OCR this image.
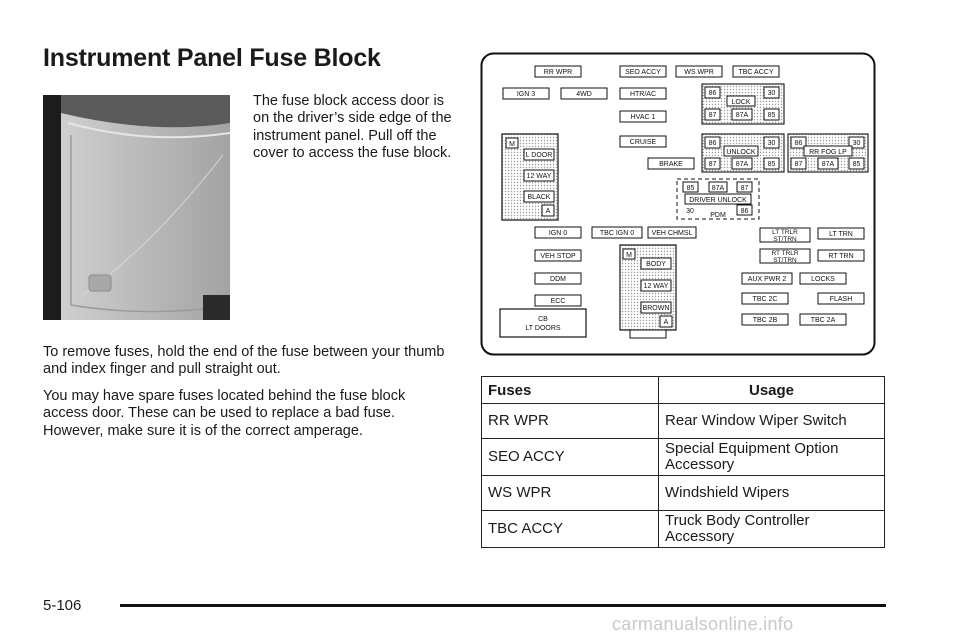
Instrument Panel Fuse Block

The fuse block access door is on the driver’s side edge of the instrument panel. Pull off the cover to access the fuse block.

To remove fuses, hold the end of the fuse between your thumb and index finger and pull straight out.

You may have spare fuses located behind the fuse block access door. These can be used to replace a bad fuse. However, make sure it is of the correct amperage.

M
L DOOR
12 WAY
BLACK
A
M
BODY
12 WAY
BROWN
A
CB
LT DOORS
86	30
LOCK
87	87A	85
86	30
UNLOCK
87	87A	85
86	30
RR FOG LP
87	87A	85
85 87A 87
DRIVER UNLOCK
30
PDM
86
RR WPR	SEO ACCY	WS WPR	TBC ACCY
IGN 3	4WD	HTR/AC
HVAC 1
CRUISE
BRAKE
IGN 0	TBC IGN 0 VEH CHMSL
VEH STOP
DDM
ECC
LT TRLR
ST/TRN
LT TRN
RT TRLR
ST/TRN
RT TRN
AUX PWR 2	LOCKS
TBC 2C	FLASH
TBC 2B	TBC 2A
Fuses	Usage
RR WPR	Rear Window Wiper Switch
SEO ACCY	Special Equipment Option Accessory
WS WPR	Windshield Wipers
TBC ACCY	Truck Body Controller Accessory
5-106
carmanualsonline.info
